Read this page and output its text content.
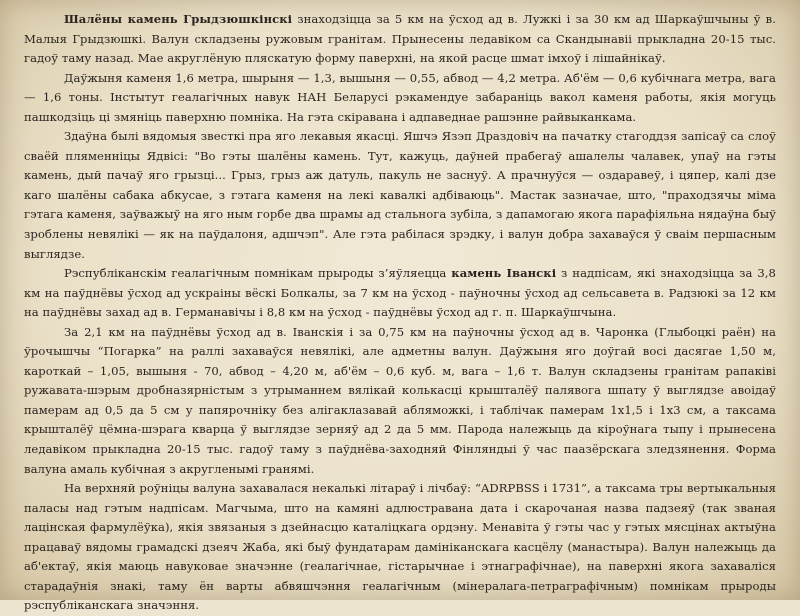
Шалёны камень Грыдзюшкінскі знаходзіцца за 5 км на ўсход ад в. Лужкі і за 30 км ад Шаркаўшчыны ў в. Малыя Грыдзюшкі. Валун складзены ружовым гранітам. Прынесены ледавіком са Скандынавіі прыкладна 20-15 тыс. гадоў таму назад. Мае акруглёную пляскатую форму паверхні, на якой расце шмат імхоў і лішайнікаў.

Даўжыня каменя 1,6 метра, шырыня — 1,3, вышыня — 0,55, абвод — 4,2 метра. Аб'ём — 0,6 кубічнага метра, вага — 1,6 тоны. Інстытут геалагічных навук НАН Беларусі рэкамендуе забараніць вакол каменя работы, якія могуць пашкодзіць ці змяніць паверхню помніка. На гэта скіравана і адпаведнае рашэнне райвыканкама.

Здаўна былі вядомыя звесткі пра яго лекавыя якасці. Яшчэ Язэп Драздовіч на пачатку стагоддзя запісаў са слоў сваёй пляменніцы Ядвісі: "Во гэты шалёны камень. Тут, кажуць, даўней прабегаў ашалелы чалавек, упаў на гэты камень, дый пачаў яго грызці... Грыз, грыз аж датуль, пакуль не заснуў. А прачнуўся — оздаравеў, і цяпер, калі дзе каго шалёны сабака абкусае, з гэтага каменя на лекі кавалкі адбіваюць". Мастак зазначае, што, "праходзячы міма гэтага каменя, заўважыў на яго ным горбе два шрамы ад стальнога зубіла, з дапамогаю якога парафіяльна нядаўна быў зроблены невялікі — як на паўдалоня, адшчэп". Але гэта рабілася зрэдку, і валун добра захаваўся ў сваім першасным выглядзе.

Рэспубліканскім геалагічным помнікам прыроды з’яўляецца камень Іванскі з надпісам, які знаходзіцца за 3,8 км на паўднёвы ўсход ад ускраіны вёскі Болкалы, за 7 км на ўсход - паўночны ўсход ад сельсавета в. Радзюкі за 12 км на паўднёвы захад ад в. Германавічы і 8,8 км на ўсход - паўднёвы ўсход ад г. п. Шаркаўшчына.

За 2,1 км на паўднёвы ўсход ад в. Іванскія і за 0,75 км на паўночны ўсход ад в. Чаронка (Глыбоцкі раён) на ўрочышчы “Погарка” на раллі захаваўся невялікі, але адметны валун. Даўжыня яго доўгай восі дасягае 1,50 м, кароткай – 1,05, вышыня - 70, абвод – 4,20 м, аб'ём – 0,6 куб. м, вага – 1,6 т. Валун складзены гранітам рапаківі ружавата-шэрым дробназярністым з утрыманнем вялікай колькасці крышталёў палявога шпату ў выглядзе авоідаў памерам ад 0,5 да 5 см у папярочніку без алігаклазавай абляможкі, і таблічак памерам 1х1,5 і 1х3 см, а таксама крышталёў цёмна-шэрага кварца ў выглядзе зерняў ад 2 да 5 мм. Парода належыць да кіроўнага тыпу і прынесена ледавіком прыкладна 20-15 тыс. гадоў таму з паўднёва-заходняй Фінляндыі ў час паазёрскага зледзянення. Форма валуна амаль кубічная з акругленымі гранямі.

На верхняй роўніцы валуна захавалася некалькі літараў і лічбаў: “ADRPBSS і 1731”, а таксама тры вертыкальныя паласы над гэтым надпісам. Магчыма, што на камяні адлюстравана дата і скарочаная назва падзеяў (так званая лацінская фармулёўка), якія звязаныя з дзейнасцю каталіцкага ордэну. Менавіта ў гэты час у гэтых мясцінах актыўна працаваў вядомы грамадскі дзеяч Жаба, які быў фундатарам дамініканскага касцёлу (манастыра). Валун належыць да аб'ектаў, якія маюць навуковае значэнне (геалагічнае, гістарычнае і этнаграфічнае), на паверхні якога захаваліся старадаўнія знакі, таму ён варты абвяшчэння геалагічным (мінералага-петраграфічным) помнікам прыроды рэспубліканскага значэння.
